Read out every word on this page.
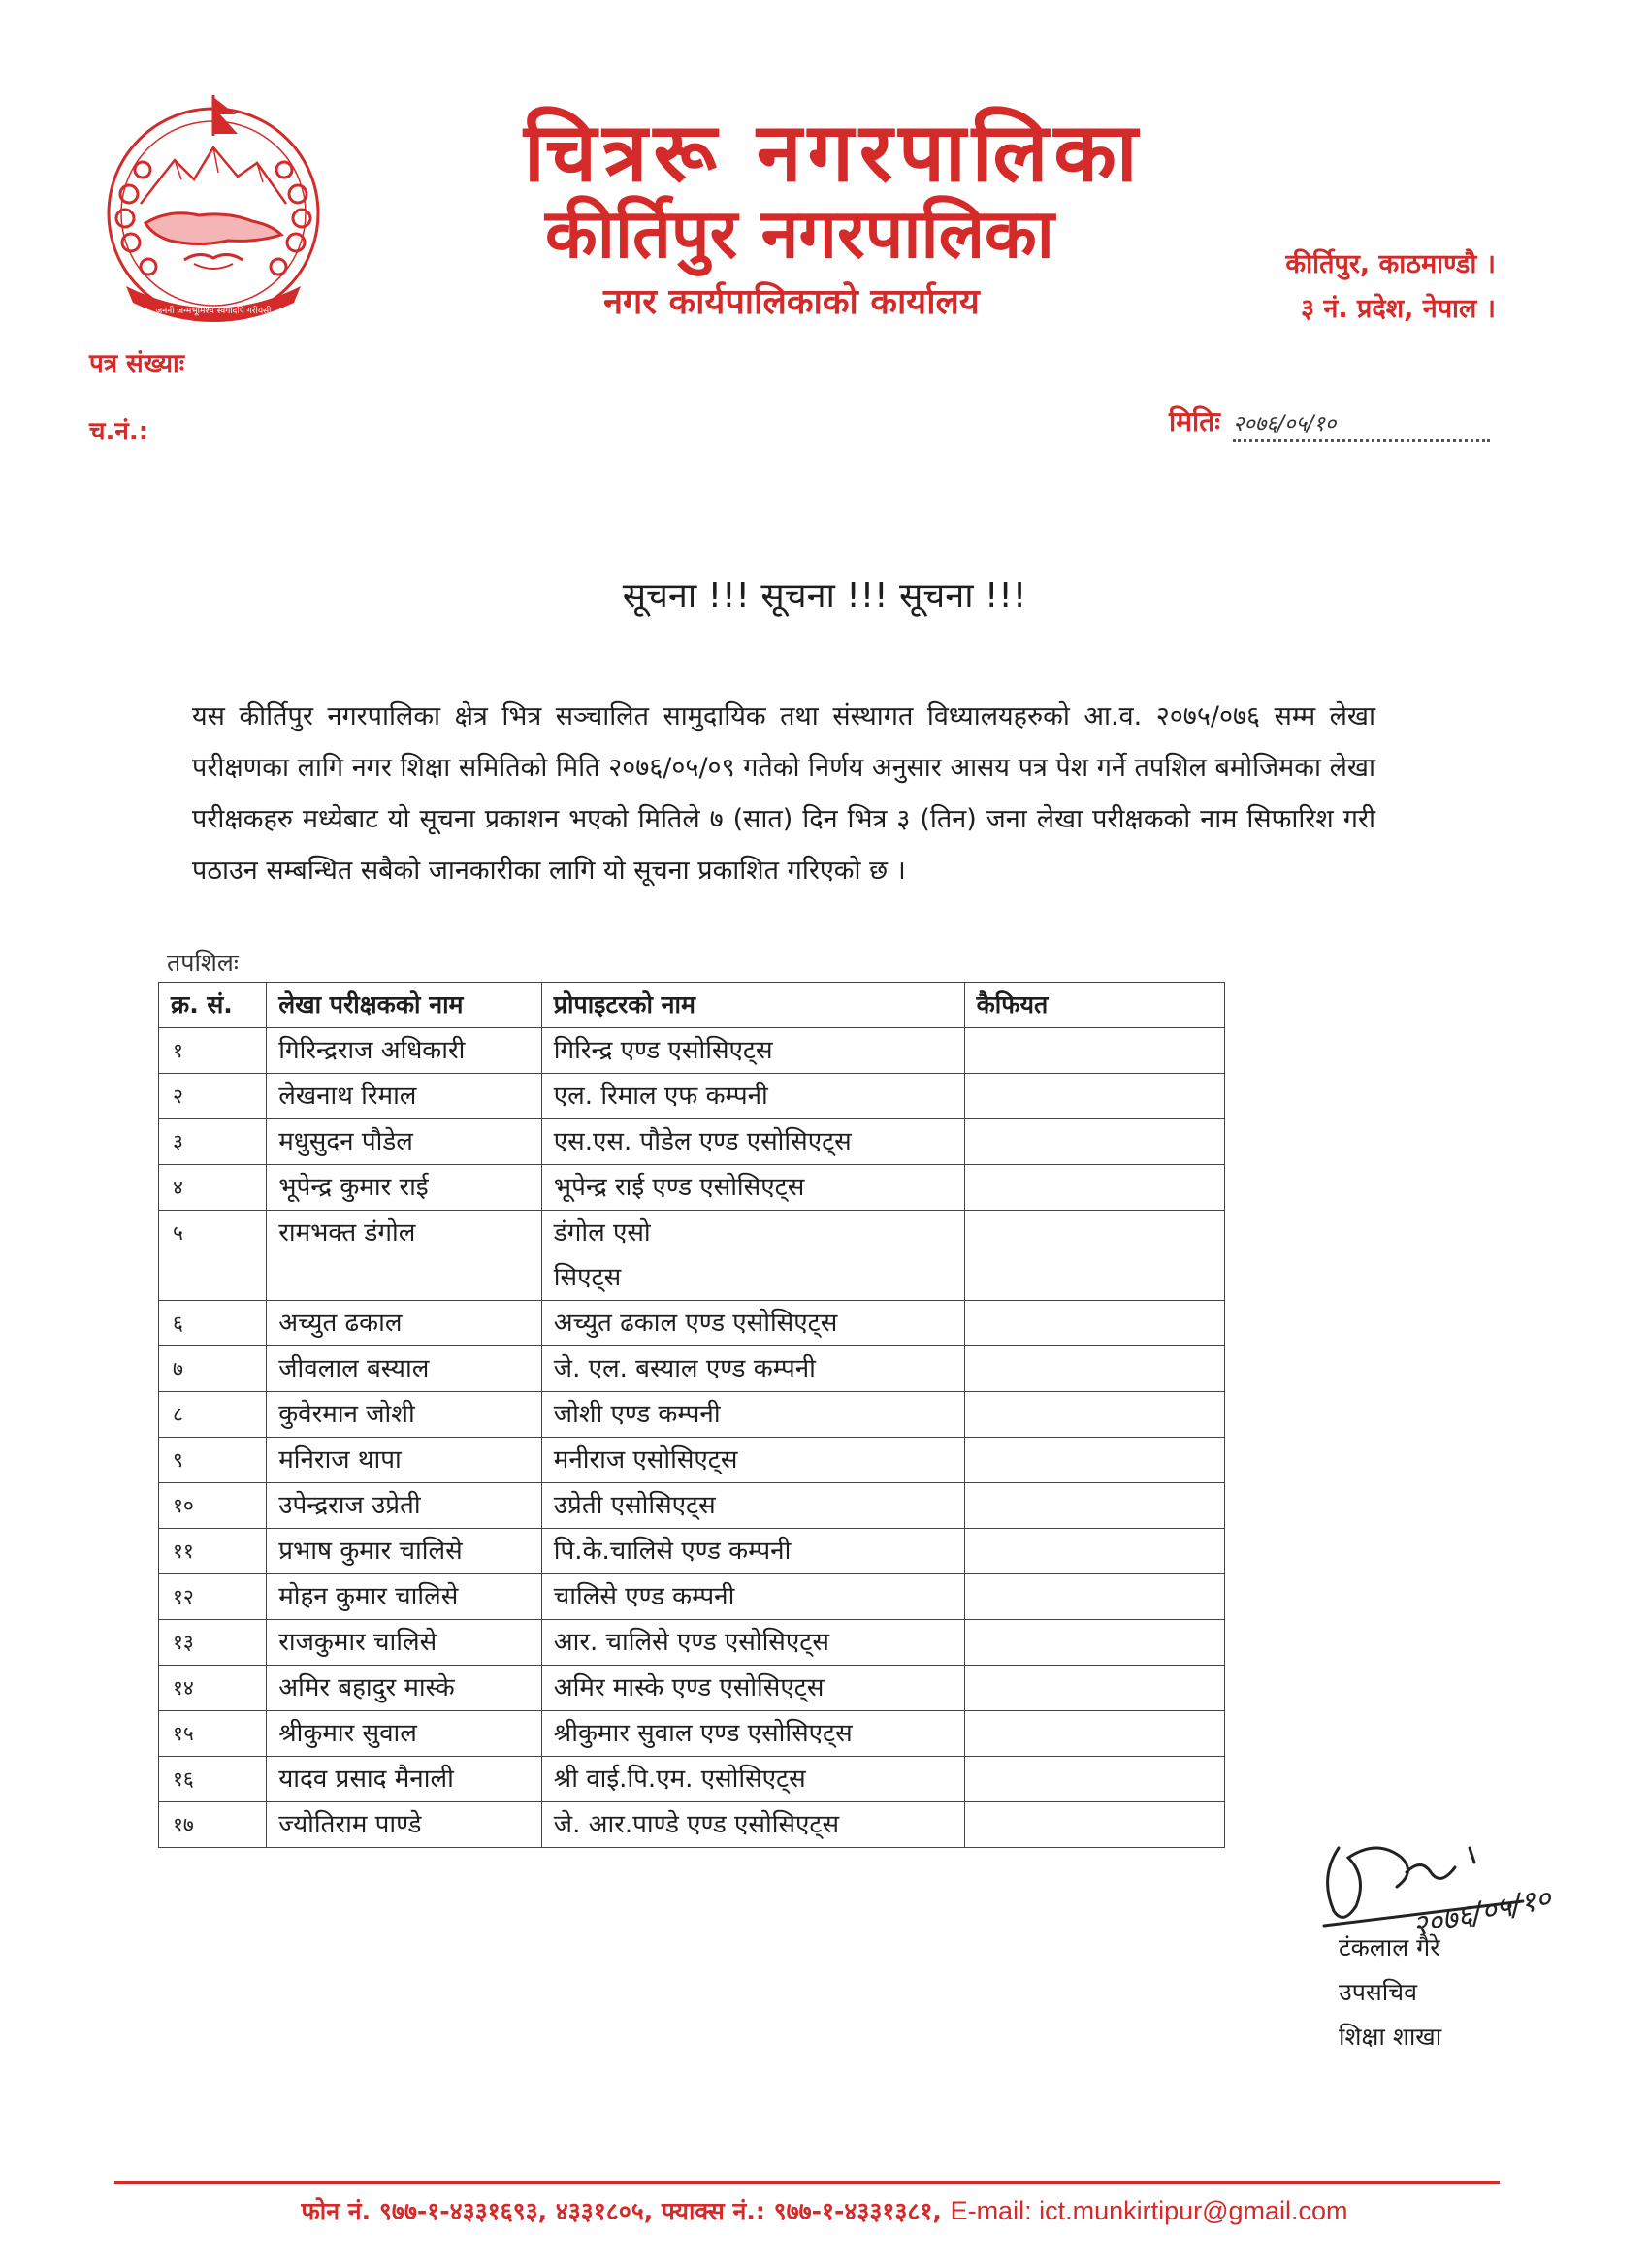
जननी जन्मभूमिश्च स्वर्गादपि गरीयसी
चित्ररू नगरपालिका
कीर्तिपुर नगरपालिका
नगर कार्यपालिकाको कार्यालय
कीर्तिपुर, काठमाण्डौ ।
३ नं. प्रदेश, नेपाल ।
पत्र संख्याः
च.नं.:	मितिः २०७६/०५/१०
सूचना !!! सूचना !!! सूचना !!!
यस कीर्तिपुर नगरपालिका क्षेत्र भित्र सञ्चालित सामुदायिक तथा संस्थागत विध्यालयहरुको आ.व. २०७५/०७६ सम्म लेखा परीक्षणका लागि नगर शिक्षा समितिको मिति २०७६/०५/०९ गतेको निर्णय अनुसार आसय पत्र पेश गर्ने तपशिल बमोजिमका लेखा परीक्षकहरु मध्येबाट यो सूचना प्रकाशन भएको मितिले ७ (सात) दिन भित्र ३ (तिन) जना लेखा परीक्षकको नाम सिफारिश गरी पठाउन सम्बन्धित सबैको जानकारीका लागि यो सूचना प्रकाशित गरिएको छ ।
तपशिलः
क्र. सं.	लेखा परीक्षकको नाम	प्रोपाइटरको नाम	कैफियत
१	गिरिन्द्रराज अधिकारी	गिरिन्द्र एण्ड एसोसिएट्स	
२	लेखनाथ रिमाल	एल. रिमाल एफ कम्पनी	
३	मधुसुदन पौडेल	एस.एस. पौडेल एण्ड एसोसिएट्स	
४	भूपेन्द्र कुमार राई	भूपेन्द्र राई एण्ड एसोसिएट्स	
५	रामभक्त डंगोल	डंगोल एसो सिएट्स	

६	अच्युत ढकाल	अच्युत ढकाल एण्ड एसोसिएट्स	
७	जीवलाल बस्याल	जे. एल. बस्याल एण्ड कम्पनी	
८	कुवेरमान जोशी	जोशी एण्ड कम्पनी	
९	मनिराज थापा	मनीराज एसोसिएट्स	
१०	उपेन्द्रराज उप्रेती	उप्रेती एसोसिएट्स	
११	प्रभाष कुमार चालिसे	पि.के.चालिसे एण्ड कम्पनी	
१२	मोहन कुमार चालिसे	चालिसे एण्ड कम्पनी	
१३	राजकुमार चालिसे	आर. चालिसे एण्ड एसोसिएट्स	
१४	अमिर बहादुर मास्के	अमिर मास्के एण्ड एसोसिएट्स	
१५	श्रीकुमार सुवाल	श्रीकुमार सुवाल एण्ड एसोसिएट्स	
१६	यादव प्रसाद मैनाली	श्री वाई.पि.एम. एसोसिएट्स	
१७	ज्योतिराम पाण्डे	जे. आर.पाण्डे एण्ड एसोसिएट्स	
२०७६/०५/१०
टंकलाल गैरे
उपसचिव
शिक्षा शाखा
फोन नं. ९७७-१-४३३१६९३, ४३३१८०५, फ्याक्स नं.: ९७७-१-४३३१३८१, E-mail: ict.munkirtipur@gmail.com
